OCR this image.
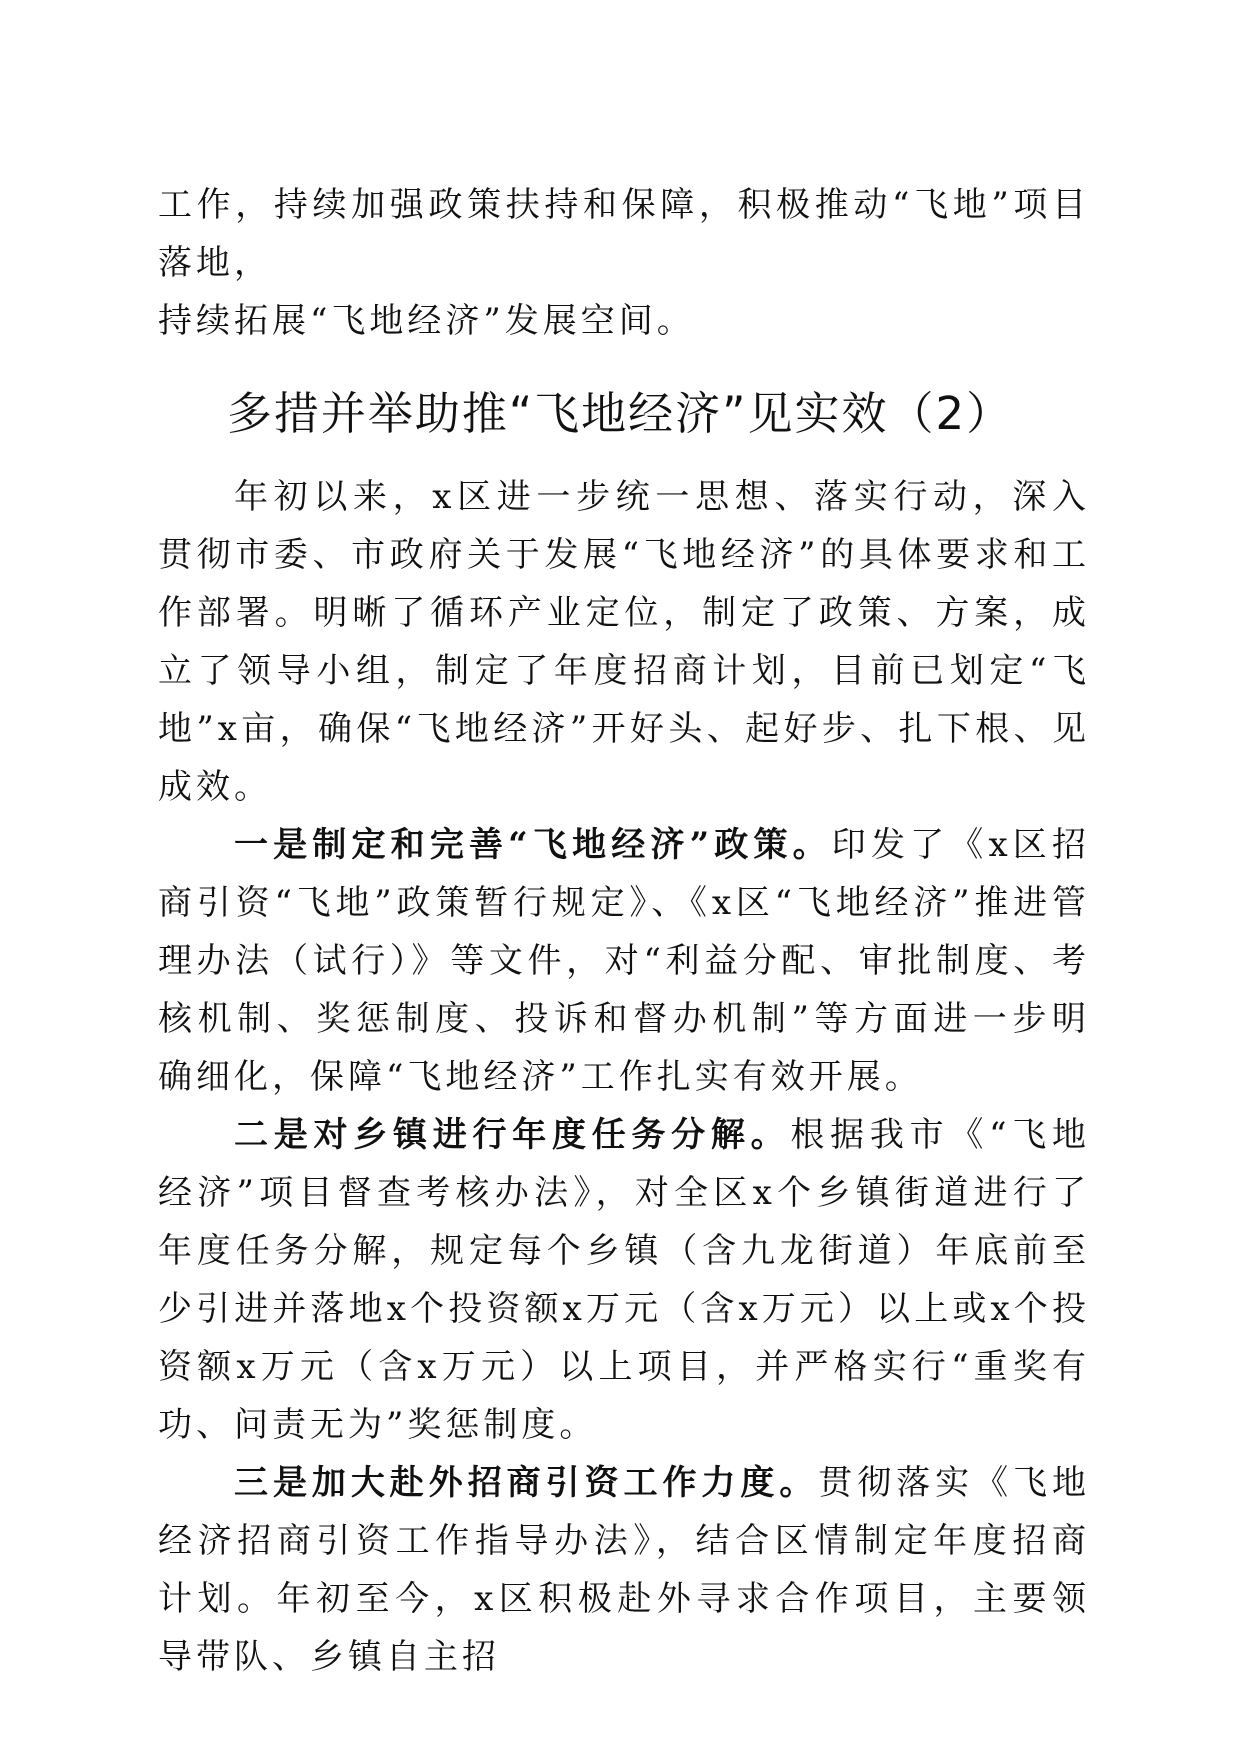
工作，持续加强政策扶持和保障，积极推动“飞地”项目落地，

持续拓展“飞地经济”发展空间。

多措并举助推“飞地经济”见实效（2）

年初以来，x区进一步统一思想、落实行动，深入贯彻市委、市政府关于发展“飞地经济”的具体要求和工作部署。明晰了循环产业定位，制定了政策、方案，成立了领导小组，制定了年度招商计划，目前已划定“飞地”x亩，确保“飞地经济”开好头、起好步、扎下根、见成效。

一是制定和完善“飞地经济”政策。印发了《x区招商引资“飞地”政策暂行规定》、《x区“飞地经济”推进管理办法（试行）》等文件，对“利益分配、审批制度、考核机制、奖惩制度、投诉和督办机制”等方面进一步明确细化，保障“飞地经济”工作扎实有效开展。

二是对乡镇进行年度任务分解。根据我市《“飞地经济”项目督查考核办法》，对全区x个乡镇街道进行了年度任务分解，规定每个乡镇（含九龙街道）年底前至少引进并落地x个投资额x万元（含x万元）以上或x个投资额x万元（含x万元）以上项目，并严格实行“重奖有功、问责无为”奖惩制度。

三是加大赴外招商引资工作力度。贯彻落实《飞地经济招商引资工作指导办法》，结合区情制定年度招商计划。年初至今，x区积极赴外寻求合作项目，主要领导带队、乡镇自主招
